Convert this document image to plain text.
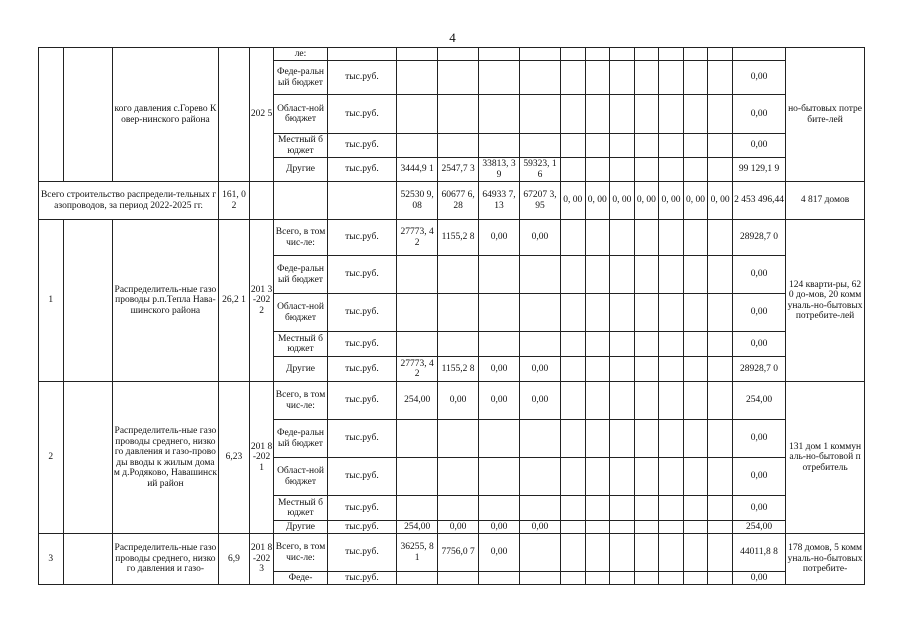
4
		кого давления с.Горево Ковер-нинского района		202 5	ле:														но-бытовых потребите-лей
					Феде-ральный бюджет	тыс.руб.												0,00	
					Област-ной бюджет	тыс.руб.												0,00	
					Местный бюджет	тыс.руб.												0,00	
					Другие	тыс.руб.	3444,9 1	2547,7 3	33813, 39	59323, 16								99 129,1 9	
Всего строительство распредели-тельных газопроводов, за период 2022-2025 гг.			161, 02				52530 9,08	60677 6,28	64933 7,13	67207 3,95	0, 00	0, 00	0, 00	0, 00	0, 00	0, 00	0, 00	2 453 496,44	4 817 домов
1		Распределитель-ные газопроводы р.п.Тепла Нава-шинского района	26,2 1	201 3-202 2	Всего, в том чис-ле:	тыс.руб.	27773, 42	1155,2 8	0,00	0,00								28928,7 0	124 кварти-ры, 620 до-мов, 20 коммуналь-но-бытовых потребите-лей
					Феде-ральный бюджет	тыс.руб.												0,00	
					Област-ной бюджет	тыс.руб.												0,00	
					Местный бюджет	тыс.руб.												0,00	
					Другие	тыс.руб.	27773, 42	1155,2 8	0,00	0,00								28928,7 0	
2		Распределитель-ные газопроводы среднего, низкого давления и газо-проводы вводы к жилым домам д.Родяково, Навашинский район	6,23	201 8-202 1	Всего, в том чис-ле:	тыс.руб.	254,00	0,00	0,00	0,00								254,00	131 дом 1 коммуналь-но-бытовой потребитель
					Феде-ральный бюджет	тыс.руб.												0,00	
					Област-ной бюджет	тыс.руб.												0,00	
					Местный бюджет	тыс.руб.												0,00	
					Другие	тыс.руб.	254,00	0,00	0,00	0,00								254,00	
3		Распределитель-ные газопроводы среднего, низкого давления и газо-	6,9	201 8-202 3	Всего, в том чис-ле:	тыс.руб.	36255, 81	7756,0 7	0,00									44011,8 8	178 домов, 5 коммуналь-но-бытовых потребите-
					Феде-	тыс.руб.												0,00	
